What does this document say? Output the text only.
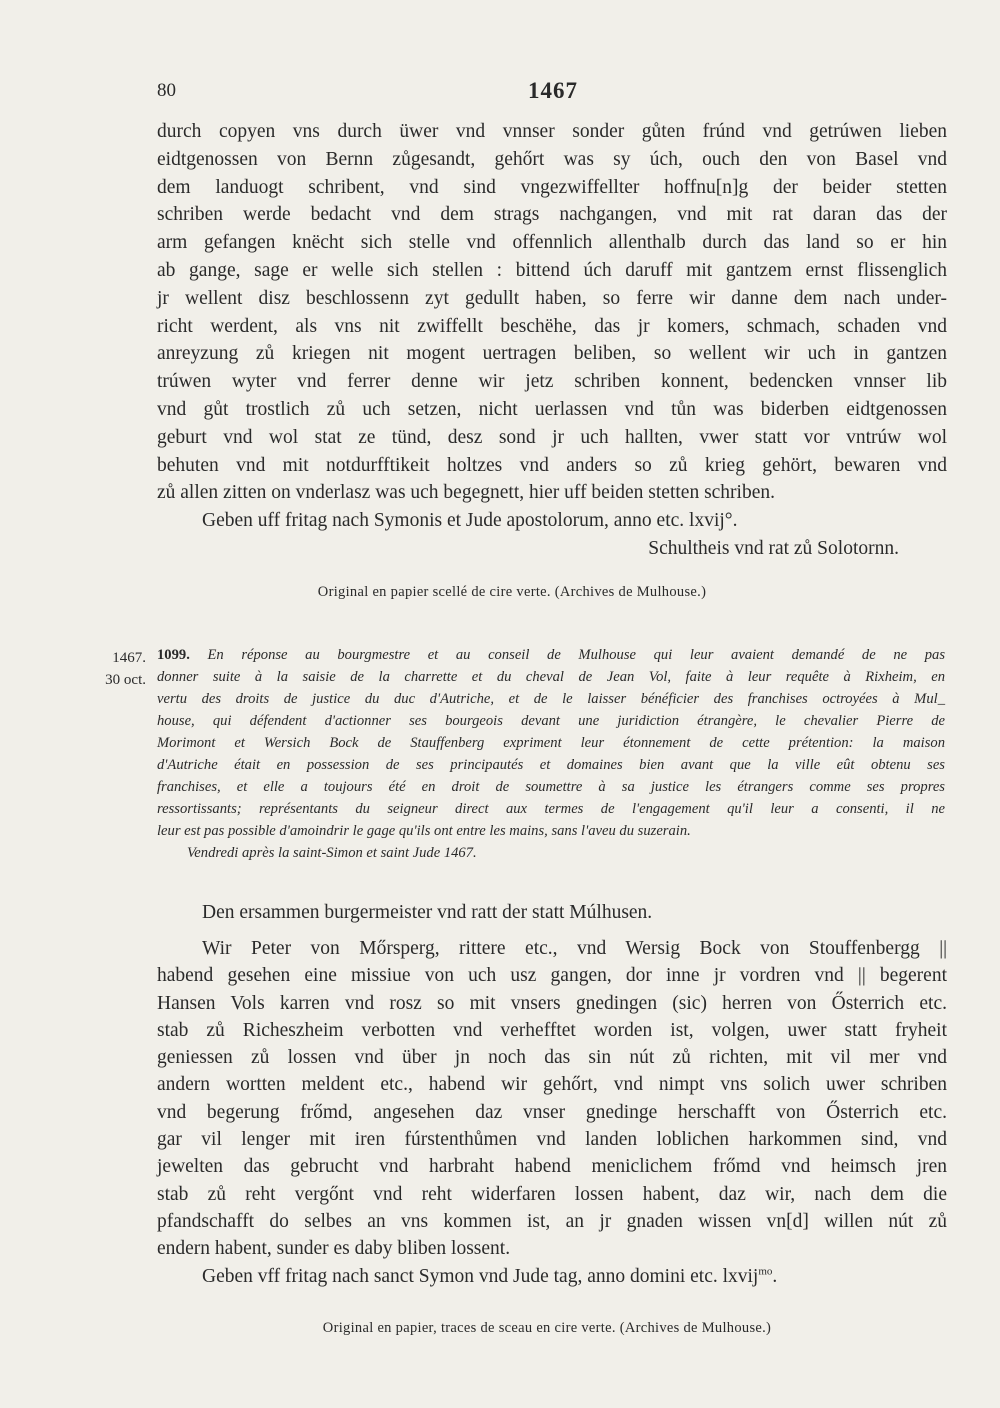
80	1467
durch copyen vns durch üwer vnd vnnser sonder gůten frúnd vnd getrúwen lieben
eidtgenossen von Bernn zůgesandt, gehőrt was sy úch, ouch den von Basel vnd
dem landuogt schribent, vnd sind vngezwiffellter hoffnu[n]g der beider stetten
schriben werde bedacht vnd dem strags nachgangen, vnd mit rat daran das der
arm gefangen knëcht sich stelle vnd offennlich allenthalb durch das land so er hin
ab gange, sage er welle sich stellen : bittend úch daruff mit gantzem ernst flissenglich
jr wellent disz beschlossenn zyt gedullt haben, so ferre wir danne dem nach under-
richt werdent, als vns nit zwiffellt beschëhe, das jr komers, schmach, schaden vnd
anreyzung zů kriegen nit mogent uertragen beliben, so wellent wir uch in gantzen
trúwen wyter vnd ferrer denne wir jetz schriben konnent, bedencken vnnser lib
vnd gůt trostlich zů uch setzen, nicht uerlassen vnd tůn was biderben eidtgenossen
geburt vnd wol stat ze tünd, desz sond jr uch hallten, vwer statt vor vntrúw wol
behuten vnd mit notdurfftikeit holtzes vnd anders so zů krieg gehört, bewaren vnd
zů allen zitten on vnderlasz was uch begegnett, hier uff beiden stetten schriben.
Geben uff fritag nach Symonis et Jude apostolorum, anno etc. lxvij°.
Schultheis vnd rat zů Solotornn.
Original en papier scellé de cire verte. (Archives de Mulhouse.)
1467.
30 oct.
1099. En réponse au bourgmestre et au conseil de Mulhouse qui leur avaient demandé de ne pas
donner suite à la saisie de la charrette et du cheval de Jean Vol, faite à leur requête à Rixheim, en
vertu des droits de justice du duc d'Autriche, et de le laisser bénéficier des franchises octroyées à Mul_
house, qui défendent d'actionner ses bourgeois devant une juridiction étrangère, le chevalier Pierre de
Morimont et Wersich Bock de Stauffenberg expriment leur étonnement de cette prétention: la maison
d'Autriche était en possession de ses principautés et domaines bien avant que la ville eût obtenu ses
franchises, et elle a toujours été en droit de soumettre à sa justice les étrangers comme ses propres
ressortissants; représentants du seigneur direct aux termes de l'engagement qu'il leur a consenti, il ne
leur est pas possible d'amoindrir le gage qu'ils ont entre les mains, sans l'aveu du suzerain.
Vendredi après la saint-Simon et saint Jude 1467.
Den ersammen burgermeister vnd ratt der statt Múlhusen.
Wir Peter von Mőrsperg, rittere etc., vnd Wersig Bock von Stouffenbergg ||
habend gesehen eine missiue von uch usz gangen, dor inne jr vordren vnd || begerent
Hansen Vols karren vnd rosz so mit vnsers gnedingen (sic) herren von Ősterrich etc.
stab zů Richeszheim verbotten vnd verhefftet worden ist, volgen, uwer statt fryheit
geniessen zů lossen vnd über jn noch das sin nút zů richten, mit vil mer vnd
andern wortten meldent etc., habend wir gehőrt, vnd nimpt vns solich uwer schriben
vnd begerung frőmd, angesehen daz vnser gnedinge herschafft von Ősterrich etc.
gar vil lenger mit iren fúrstenthůmen vnd landen loblichen harkommen sind, vnd
jewelten das gebrucht vnd harbraht habend meniclichem frőmd vnd heimsch jren
stab zů reht vergőnt vnd reht widerfaren lossen habent, daz wir, nach dem die
pfandschafft do selbes an vns kommen ist, an jr gnaden wissen vn[d] willen nút zů
endern habent, sunder es daby bliben lossent.
Geben vff fritag nach sanct Symon vnd Jude tag, anno domini etc. lxvij$^{mo}$.
Original en papier, traces de sceau en cire verte. (Archives de Mulhouse.)
